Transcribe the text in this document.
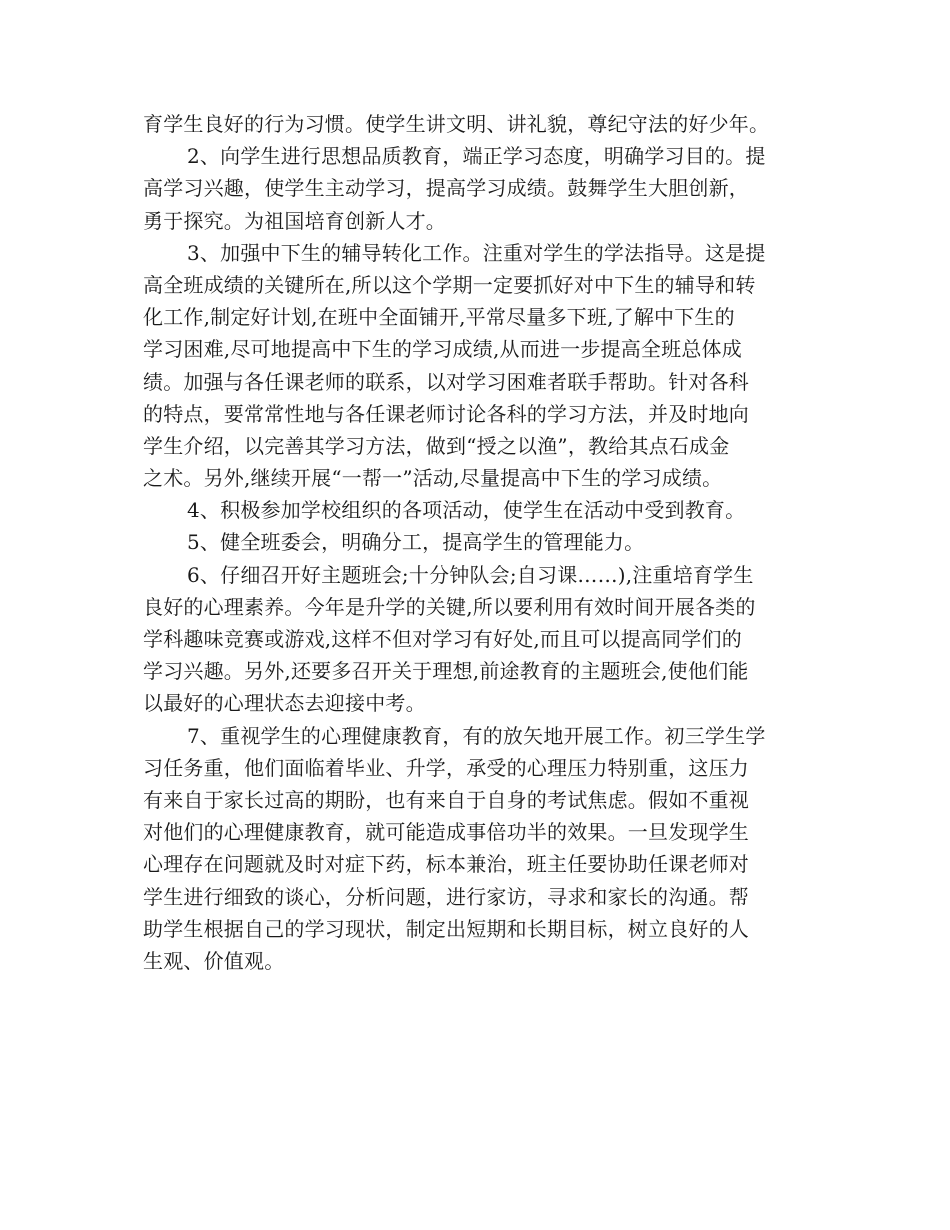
育学生良好的行为习惯。使学生讲文明、讲礼貌，尊纪守法的好少年。
2、向学生进行思想品质教育，端正学习态度，明确学习目的。提
高学习兴趣，使学生主动学习，提高学习成绩。鼓舞学生大胆创新，
勇于探究。为祖国培育创新人才。
3、加强中下生的辅导转化工作。注重对学生的学法指导。这是提
高全班成绩的关键所在,所以这个学期一定要抓好对中下生的辅导和转
化工作,制定好计划,在班中全面铺开,平常尽量多下班,了解中下生的
学习困难,尽可地提高中下生的学习成绩,从而进一步提高全班总体成
绩。加强与各任课老师的联系，以对学习困难者联手帮助。针对各科
的特点，要常常性地与各任课老师讨论各科的学习方法，并及时地向
学生介绍，以完善其学习方法，做到“授之以渔”，教给其点石成金
之术。另外,继续开展“一帮一”活动,尽量提高中下生的学习成绩。
4、积极参加学校组织的各项活动，使学生在活动中受到教育。
5、健全班委会，明确分工，提高学生的管理能力。
6、仔细召开好主题班会;十分钟队会;自习课……),注重培育学生
良好的心理素养。今年是升学的关键,所以要利用有效时间开展各类的
学科趣味竞赛或游戏,这样不但对学习有好处,而且可以提高同学们的
学习兴趣。另外,还要多召开关于理想,前途教育的主题班会,使他们能
以最好的心理状态去迎接中考。
7、重视学生的心理健康教育，有的放矢地开展工作。初三学生学
习任务重，他们面临着毕业、升学，承受的心理压力特别重，这压力
有来自于家长过高的期盼，也有来自于自身的考试焦虑。假如不重视
对他们的心理健康教育，就可能造成事倍功半的效果。一旦发现学生
心理存在问题就及时对症下药，标本兼治，班主任要协助任课老师对
学生进行细致的谈心，分析问题，进行家访，寻求和家长的沟通。帮
助学生根据自己的学习现状，制定出短期和长期目标，树立良好的人
生观、价值观。
